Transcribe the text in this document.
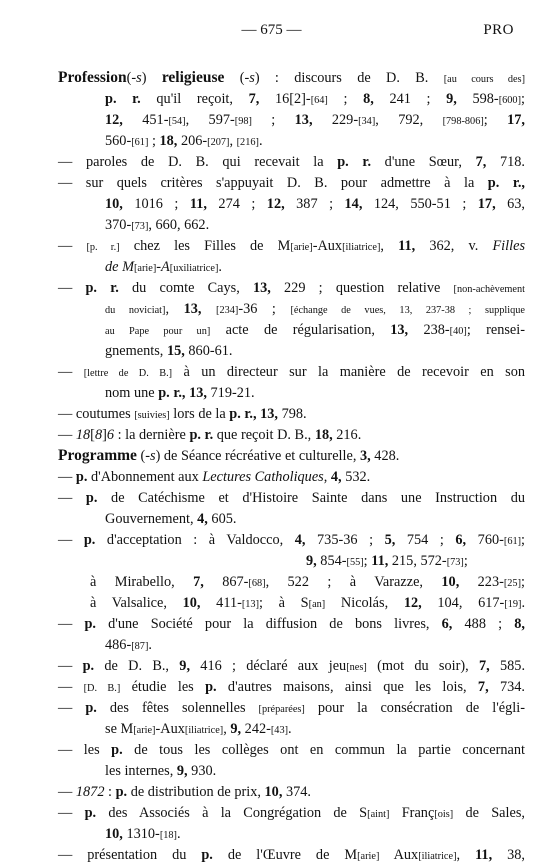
— 675 —	PRO
Profession(-s) religieuse (-s) : discours de D. B. [au cours des]
p. r. qu'il reçoit, 7, 16[2]-[64] ; 8, 241 ; 9, 598-[600];
12, 451-[54], 597-[98] ; 13, 229-[34], 792, [798-806]; 17,
560-[61] ; 18, 206-[207], [216].
— paroles de D. B. qui recevait la p. r. d'une Sœur, 7, 718.
— sur quels critères s'appuyait D. B. pour admettre à la p. r.,
10, 1016 ; 11, 274 ; 12, 387 ; 14, 124, 550-51 ; 17, 63,
370-[73], 660, 662.
— [p. r.] chez les Filles de M[arie]-Aux[iliatrice], 11, 362, v. Filles
de M[arie]-A[uxiliatrice].
— p. r. du comte Cays, 13, 229 ; question relative [non-achèvement
du noviciat], 13, [234]-36 ; [échange de vues, 13, 237-38 ; supplique
au Pape pour un] acte de régularisation, 13, 238-[40]; rensei-
gnements, 15, 860-61.
— [lettre de D. B.] à un directeur sur la manière de recevoir en son
nom une p. r., 13, 719-21.
— coutumes [suivies] lors de la p. r., 13, 798.
— 18[8]6 : la dernière p. r. que reçoit D. B., 18, 216.
Programme (-s) de Séance récréative et culturelle, 3, 428.
— p. d'Abonnement aux Lectures Catholiques, 4, 532.
— p. de Catéchisme et d'Histoire Sainte dans une Instruction du
Gouvernement, 4, 605.
— p. d'acceptation : à Valdocco, 4, 735-36 ; 5, 754 ; 6, 760-[61];
9, 854-[55]; 11, 215, 572-[73];
à Mirabello, 7, 867-[68], 522 ; à Varazze, 10, 223-[25];
à Valsalice, 10, 411-[13]; à S[an] Nicolás, 12, 104, 617-[19].
— p. d'une Société pour la diffusion de bons livres, 6, 488 ; 8,
486-[87].
— p. de D. B., 9, 416 ; déclaré aux jeu[nes] (mot du soir), 7, 585.
— [D. B.] étudie les p. d'autres maisons, ainsi que les lois, 7, 734.
— p. des fêtes solennelles [préparées] pour la consécration de l'égli-
se M[arie]-Aux[iliatrice], 9, 242-[43].
— les p. de tous les collèges ont en commun la partie concernant
les internes, 9, 930.
— 1872 : p. de distribution de prix, 10, 374.
— p. des Associés à la Congrégation de S[aint] Franç[ois] de Sales,
10, 1310-[18].
— présentation du p. de l'Œuvre de M[arie] Aux[iliatrice], 11, 38,
